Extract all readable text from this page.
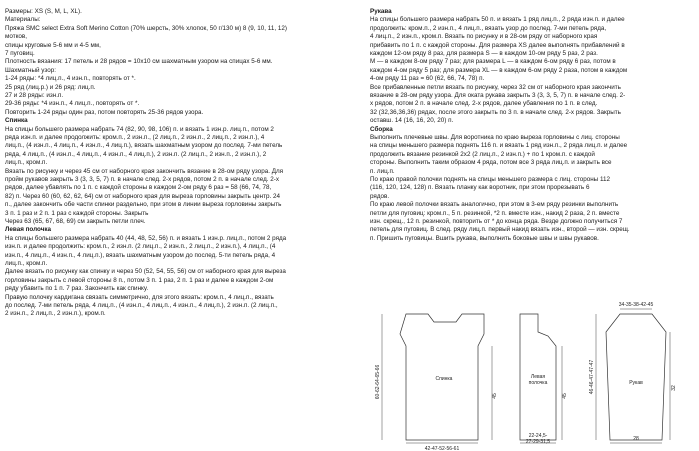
Размеры: XS (S, M, L, XL).
Материалы:
Пряжа SMC select Extra Soft Merino Cotton (70% шерсть, 30% хлопок, 50 г/130 м) 8 (9, 10, 11, 12)
мотков,
спицы круговые 5-6 мм и 4-5 мм,
7 пуговиц.
Плотность вязания: 17 петель и 28 рядов = 10х10 см шахматным узором на спицах 5-6 мм.
Шахматный узор:
1-24 ряды: *4 лиц.п., 4 изн.п., повторять от *.
25 ряд (лиц.р.) и 26 ряд: лиц.п.
27 и 28 ряды: изн.п.
29-36 ряды: *4 изн.п., 4 лиц.п., повторять от *.
Повторить 1-24 ряды один раз, потом повторять 25-36 рядов узора.
Спинка
На спицы большего размера набрать 74 (82, 90, 98, 106) п. и вязать 1 изн.р. лиц.п., потом 2
ряда изн.п. и далее продолжить: кром.п., 2 изн.п., (2 лиц.п., 2 изн.п., 2 лиц.п., 2 изн.п.), 4
лиц.п., (4 изн.п., 4 лиц.п., 4 изн.п., 4 лиц.п.), вязать шахматным узором до послед. 7-ми петель
ряда, 4 лиц.п., (4 изн.п., 4 лиц.п., 4 изн.п., 4 лиц.п.), 2 изн.п. (2 лиц.п., 2 изн.п., 2 изн.п.), 2
лиц.п., кром.п.
Вязать по рисунку и через 45 см от наборного края закончить вязание в 28-ом ряду узора. Для
пройм рукавов закрыть 3 (3, 3, 5, 7) п. в начале след. 2-х рядов, потом 2 п. в начале след. 2-х
рядов, далее убавлять по 1 п. с каждой стороны в каждом 2-ом ряду 6 раз = 58 (66, 74, 78,
82) п. Через 60 (60, 62, 62, 64) см от наборного края для выреза горловины закрыть центр. 24
п., далее закончить обе части спинки раздельно, при этом в линии выреза горловины закрыть
3 п. 1 раз и 2 п. 1 раз с каждой стороны. Закрыть
Через 63 (65, 67, 68, 69) см закрыть петли плеч.
Левая полочка
На спицы большего размера набрать 40 (44, 48, 52, 56) п. и вязать 1 изн.р. лиц.п., потом 2 ряда
изн.п. и далее продолжить: кром.п., 2 изн.п. (2 лиц.п., 2 изн.п., 2 лиц.п., 2 изн.п.), 4 лиц.п., (4
изн.п., 4 лиц.п., 4 изн.п., 4 лиц.п.), вязать шахматным узором до послед. 5-ти петель ряда, 4
лиц.п., кром.п.
Далее вязать по рисунку как спинку и через 50 (52, 54, 55, 56) см от наборного края для выреза
горловины закрыть с левой стороны 8 п., потом 3 п. 1 раз, 2 п. 1 раз и далее в каждом 2-ом
ряду убавить по 1 п. 7 раз. Закончить как спинку.
Правую полочку кардигана связать симметрично, для этого вязать: кром.п., 4 лиц.п., вязать
до послед. 7-ми петель ряда, 4 лиц.п., (4 изн.п., 4 лиц.п., 4 изн.п., 4 лиц.п.), 2 изн.п. (2 лиц.п.,
2 изн.п., 2 лиц.п., 2 изн.п.), кром.п.
Рукава
На спицы большего размера набрать 50 п. и вязать 1 ряд лиц.п., 2 ряда изн.п. и далее
продолжить: кром.п., 2 изн.п., 4 лиц.п., вязать узор до послед. 7-ми петель ряда,
4 лиц.п., 2 изн.п., кром.п. Вязать по рисунку и в 28-ом ряду от наборного края
прибавить по 1 п. с каждой стороны. Для размера XS далее выполнять прибавлений в
каждом 12-ом ряду 8 раз, для размера S — в каждом 10-ом ряду 5 раз, 2 раз.
M — в каждом 8-ом ряду 7 раз; для размера L — в каждом 6-ом ряду 6 раз, потом в
каждом 4-ом ряду 5 раз; для размера XL — в каждом 6-ом ряду 2 раза, потом в каждом
4-ом ряду 11 раз = 60 (62, 66, 74, 78) п.
Все прибавленные петли вязать по рисунку, через 32 см от наборного края закончить
вязание в 28-ом ряду узора. Для оката рукава закрыть 3 (3, 3, 5, 7) п. в начале след. 2-
х рядов, потом 2 п. в начале след. 2-х рядов, далее убавления по 1 п. в след.
32 (32,36,36,36) рядах, после этого закрыть по 3 п. в начале след. 2-х рядов. Закрыть
оставш. 14 (16, 16, 20, 20) п.
Сборка
Выполнить плечевые швы. Для воротника по краю выреза горловины с лиц. стороны
на спицы меньшего размера поднять 116 п. и вязать 1 ряд изн.п., 2 ряда лиц.п. и далее
продолжить вязание резинкой 2х2 (2 лиц.п., 2 изн.п.) + по 1 кром.п. с каждой
стороны. Выполнить таким образом 4 ряда, потом все 3 ряда лиц.п. и закрыть все
п. лиц.п.
По краю правой полочки поднять на спицы меньшего размера с лиц. стороны 112
(116, 120, 124, 128) п. Вязать планку как воротник, при этом прорезывать 6
рядов.
По краю левой полочки вязать аналогично, при этом в 3-ем ряду резинки выполнить
петли для пуговиц: кром.п., 5 п. резинкой, *2 п. вместе изн., накид 2 раза, 2 п. вместе
изн. скрещ., 12 п. резинкой, повторить от * до конца ряда. Везде должно получиться 7
петель для пуговиц. В след. ряду лиц.п. первый накид вязать изн., второй — изн. скрещ.
п. Пришить пуговицы. Вшить рукава, выполнить боковые швы и швы рукавов.
Спинка
60-62-64-65-66	45
42-47-52-56-61
Левая
полочка
45
22-24,5-
27-29-31,5
34-35-38-42-45
Рукав
46-46-47-47-47	32
28
